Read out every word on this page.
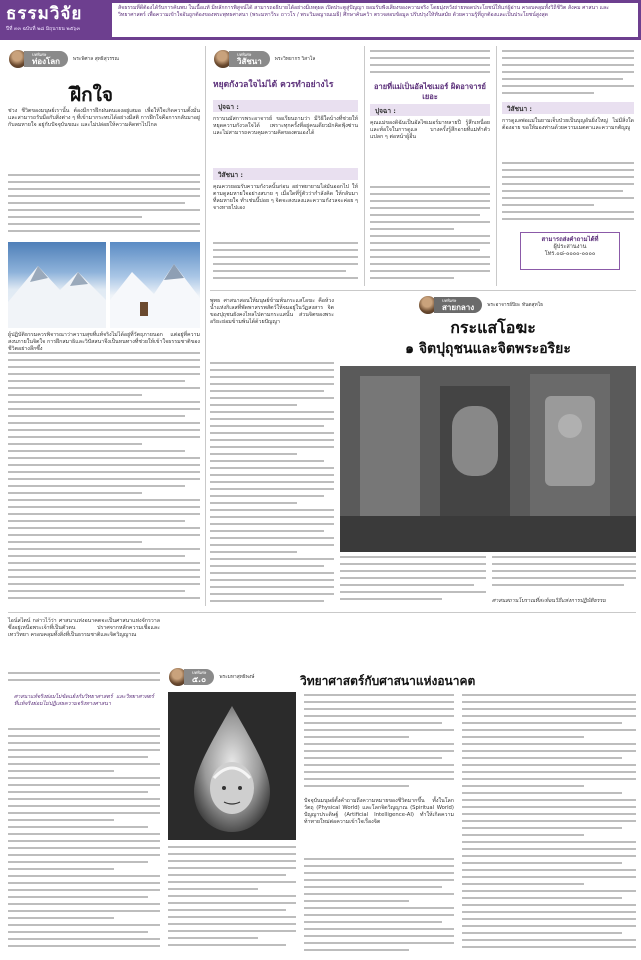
ธรรมวิจัย
ปีที่ ๓๓ ฉบับที่ ๒๘ มิถุนายน ๒๕๖๓
สัจธรรมที่ดีต้องได้รับการค้นพบ ในเนื้อแท้ มีหลักการพิสูจน์ได้ สามารถอธิบายได้อย่างมีเหตุผล เปิดประตูสู่ปัญญา ยอมรับฟังเสียงของความจริง โดยมุ่งหวังถ่ายทอดประโยชน์ให้แก่ผู้อ่าน ครอบคลุมทั้งวิถีชีวิต สังคม ศาสนา และวิทยาศาสตร์ เพื่อความเข้าใจอันถูกต้องของพระพุทธศาสนา (พระมหาวีระ ถาวโร / พระวิมลญาณเมธี) ศึกษาค้นคว้า ตรวจสอบข้อมูล ปรับปรุงให้ทันสมัย ด้วยความรู้ที่ถูกต้องและเป็นประโยชน์สูงสุด
บทพิเศษ
ท่องโลก	พระพิศาล สุทธิสุวรรณ
ฝึกใจ
ช่วง ชีวิตของมนุษย์เรานั้น ต้องมีการฝึกฝนตนเองอยู่เสมอ เพื่อให้ใจเกิดความตั้งมั่นและสามารถรับมือกับสิ่งต่าง ๆ ที่เข้ามากระทบได้อย่างมีสติ การฝึกใจคือการกลับมาอยู่กับลมหายใจ อยู่กับปัจจุบันขณะ และไม่ปล่อยให้ความคิดพาไปไกล
ผู้ปฏิบัติธรรมควรพิจารณาว่าความสุขที่แท้จริงไม่ได้อยู่ที่วัตถุภายนอก แต่อยู่ที่ความสงบภายในจิตใจ การฝึกสมาธิและวิปัสสนาจึงเป็นหนทางที่ช่วยให้เข้าใจธรรมชาติของชีวิตอย่างลึกซึ้ง
บทพิเศษ
วิสัชนา	พระวิทยากร วิสาโล
หยุดกังวลใจไม่ได้ ควรทำอย่างไร
ปุจฉา :
กราบนมัสการพระอาจารย์ ขอเรียนถามว่า มีวิธีใดบ้างที่ช่วยให้หยุดความกังวลใจได้ เพราะทุกครั้งที่อยู่คนเดียวมักคิดฟุ้งซ่านและไม่สามารถควบคุมความคิดของตนเองได้
วิสัชนา :
คุณควรยอมรับความกังวลนั้นก่อน อย่าพยายามไล่มันออกไป ให้ตามดูลมหายใจอย่างสบาย ๆ เมื่อใดที่รู้ตัวว่ากำลังคิด ให้กลับมาที่ลมหายใจ ทำเช่นนี้บ่อย ๆ จิตจะสงบลงและความกังวลจะค่อย ๆ จางหายไปเอง
อายที่แม่เป็นอัลไซเมอร์ ผิดอาจารย์เยอะ
ปุจฉา :
คุณแม่ของดิฉันเป็นอัลไซเมอร์มาหลายปี รู้สึกเหนื่อยและท้อใจในการดูแล บางครั้งรู้สึกอายที่แม่ทำตัวแปลก ๆ ต่อหน้าผู้อื่น
วิสัชนา :
การดูแลพ่อแม่ในยามเจ็บป่วยเป็นบุญอันยิ่งใหญ่ ไม่มีสิ่งใดต้องอาย ขอให้มองท่านด้วยความเมตตาและความกตัญญู
สามารถส่งคำถามได้ที่
ผู้ประสานงาน
โทร.๐๘-๐๐๐๐-๐๐๐๐
บทพิเศษ
สายกลาง	พระอาจารย์ปิยะ ทันตสุทโธ
กระแสโอฆะ
๑ จิตปุถุชนและจิตพระอริยะ
พุทธ ศาสนาสอนให้มนุษย์ข้ามพ้นกระแสโอฆะ คือห้วงน้ำแห่งกิเลสที่พัดพาสรรพสัตว์ให้จมอยู่ในวัฏสงสาร จิตของปุถุชนยังคงไหลไปตามกระแสนั้น ส่วนจิตของพระอริยะย่อมข้ามพ้นได้ด้วยปัญญา
ศาสนสถานโบราณที่สะท้อนวิถีแห่งการปฏิบัติธรรม
บทพิเศษ
๕.๐	พระมหาสุทธิพงษ์	วิทยาศาสตร์กับศาสนาแห่งอนาคต
ไอน์สไตน์ กล่าวไว้ว่า ศาสนาแห่งอนาคตจะเป็นศาสนาแห่งจักรวาล ซึ่งอยู่เหนือพระเจ้าที่เป็นตัวตน ปราศจากหลักความเชื่อและเทววิทยา ครอบคลุมทั้งสิ่งที่เป็นธรรมชาติและจิตวิญญาณ
ศาสนาแท้จริงย่อมไม่ขัดแย้งกับวิทยาศาสตร์ และวิทยาศาสตร์ที่แท้จริงย่อมไม่ปฏิเสธความจริงทางศาสนา
ปัจจุบันมนุษย์ตั้งคำถามถึงความหมายของชีวิตมากขึ้น ทั้งในโลกวัตถุ (Physical World) และโลกจิตวิญญาณ (Spiritual World) ปัญญาประดิษฐ์ (Artificial Intelligence-AI) ทำให้เกิดความท้าทายใหม่ต่อความเข้าใจเรื่องจิต
